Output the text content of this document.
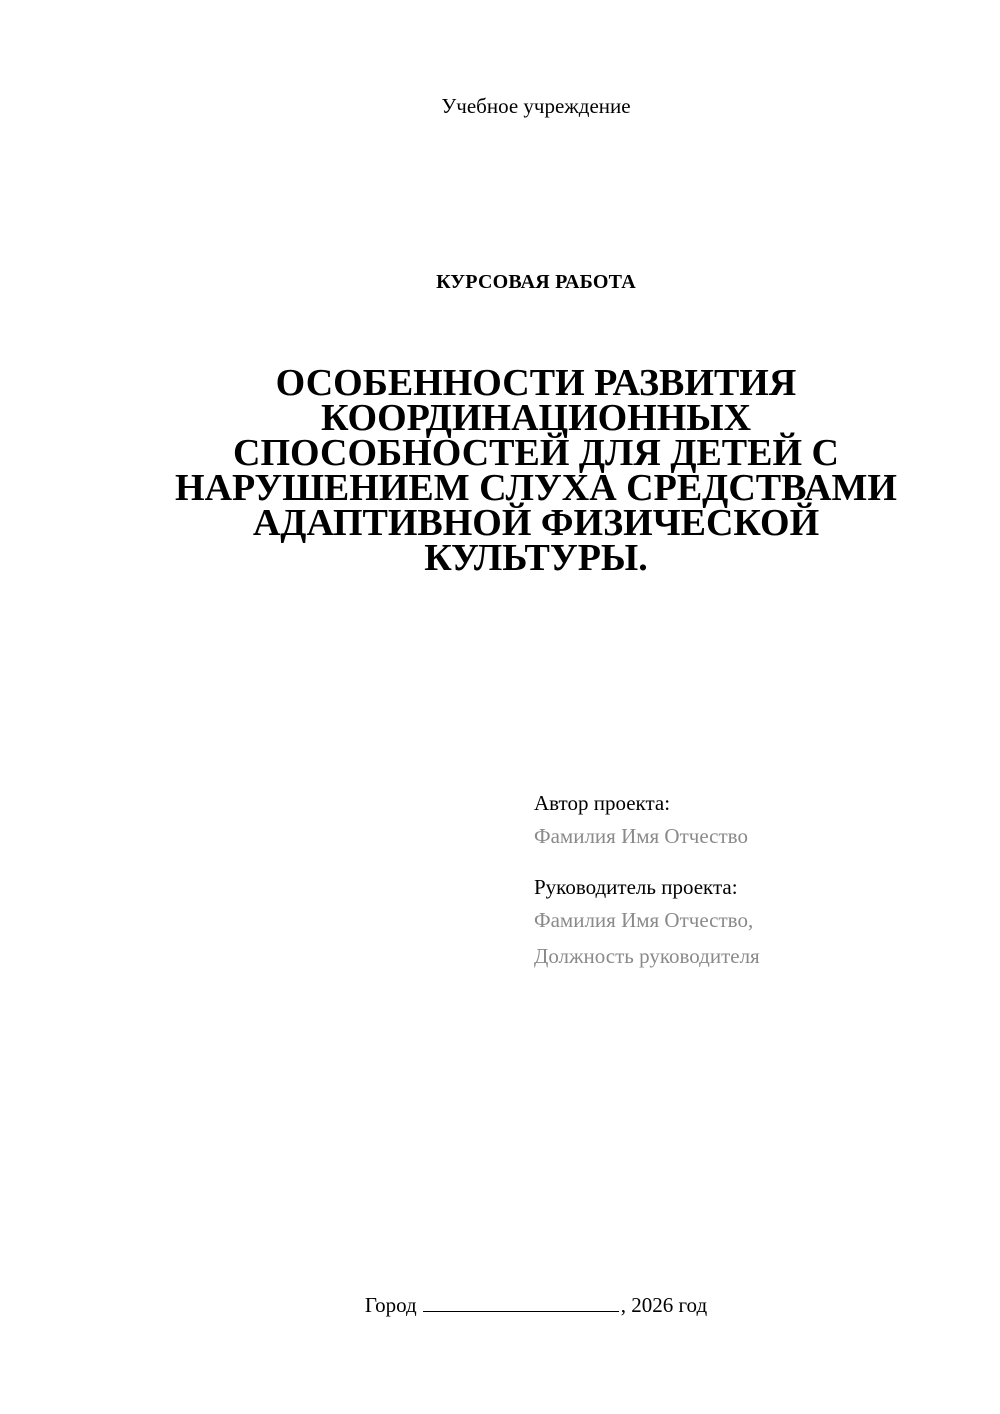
Учебное учреждение
КУРСОВАЯ РАБОТА
ОСОБЕННОСТИ РАЗВИТИЯ
КООРДИНАЦИОННЫХ
СПОСОБНОСТЕЙ ДЛЯ ДЕТЕЙ С
НАРУШЕНИЕМ СЛУХА СРЕДСТВАМИ
АДАПТИВНОЙ ФИЗИЧЕСКОЙ
КУЛЬТУРЫ.
Автор проекта:
Фамилия Имя Отчество
Руководитель проекта:
Фамилия Имя Отчество,
Должность руководителя
Город	, 2026 год
